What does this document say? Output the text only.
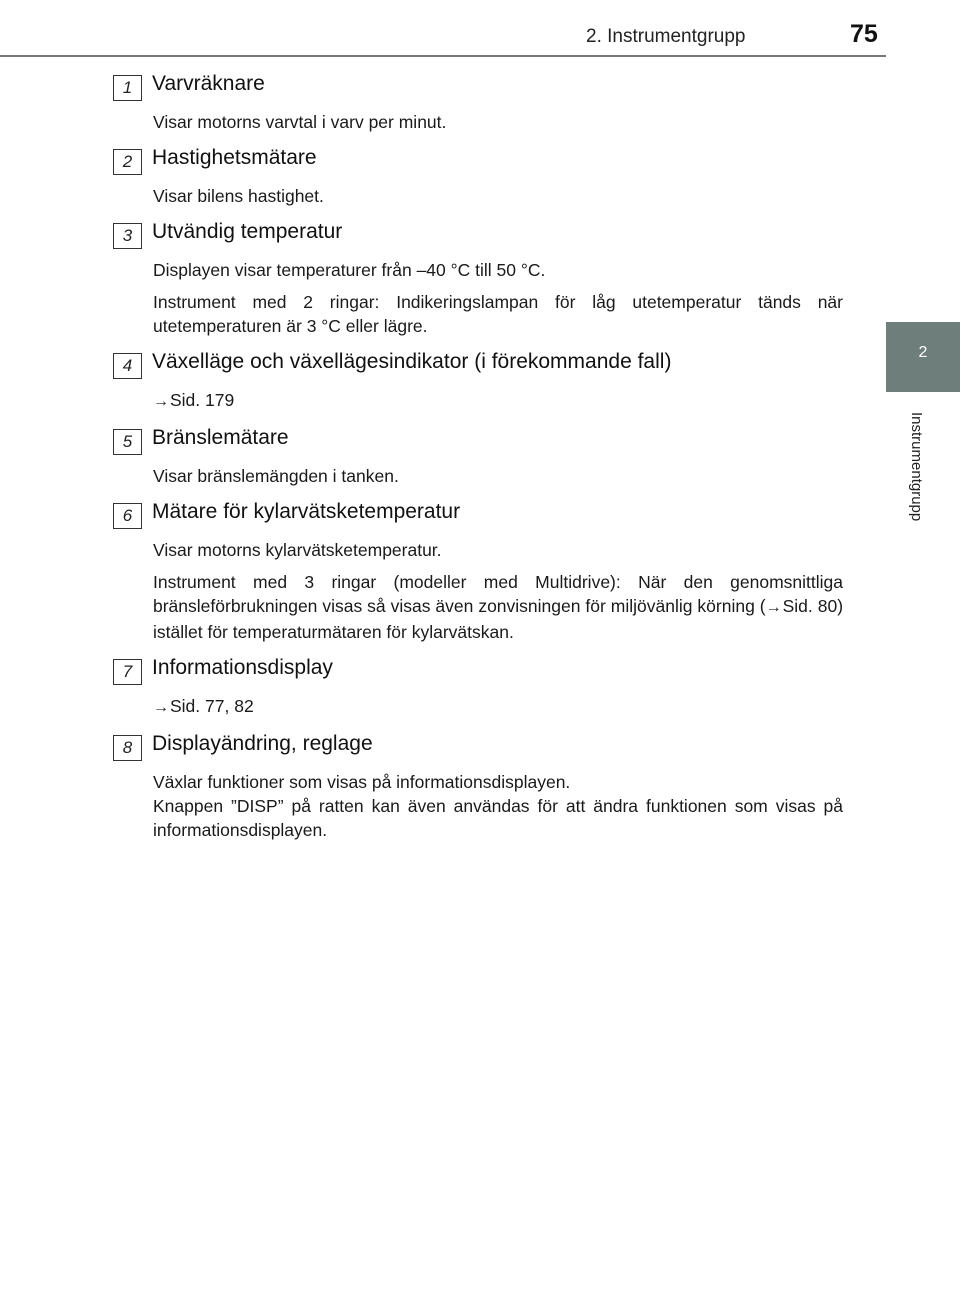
2. Instrumentgrupp	75
2
Instrumentgrupp
1 Varvräknare

Visar motorns varvtal i varv per minut.

2 Hastighetsmätare

Visar bilens hastighet.

3 Utvändig temperatur

Displayen visar temperaturer från –40 °C till 50 °C.

Instrument med 2 ringar: Indikeringslampan för låg utetemperatur tänds när utetemperaturen är 3 °C eller lägre.

4 Växelläge och växellägesindikator (i förekommande fall)

→Sid. 179

5 Bränslemätare

Visar bränslemängden i tanken.

6 Mätare för kylarvätsketemperatur

Visar motorns kylarvätsketemperatur.

Instrument med 3 ringar (modeller med Multidrive): När den genomsnittliga bränsleförbrukningen visas så visas även zonvisningen för miljövänlig körning (→Sid. 80) istället för temperaturmätaren för kylarvätskan.

7 Informationsdisplay

→Sid. 77, 82

8 Displayändring, reglage

Växlar funktioner som visas på informationsdisplayen.

Knappen ”DISP” på ratten kan även användas för att ändra funktionen som visas på informationsdisplayen.
